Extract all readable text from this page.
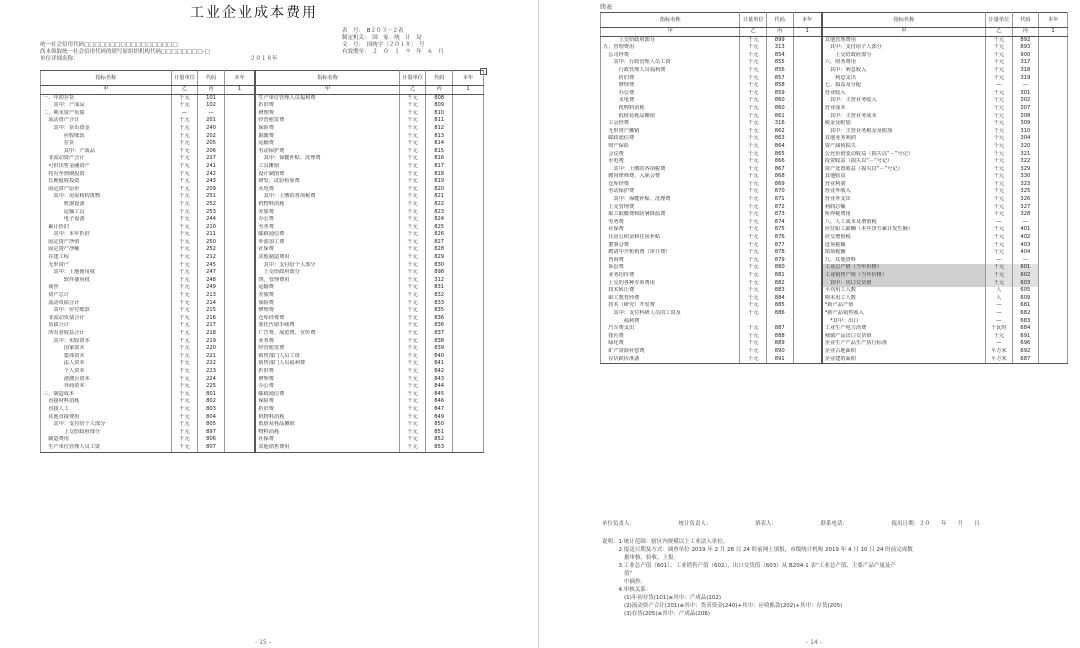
工业企业成本费用
统一社会信用代码□□□□□□□□□□□□□□□□□□
尚未领取统一社会信用代码的填写原组织机构代码□□□□□□□□-□
单位详细名称：
表　号：　B２０３－２表
制定机关：　国　家　统　计　局
文　号：　国统字〔２０１８〕　号
有效期至：　２　０　１　９　年　６　月
２０１８年
指标名称	计量单位	代码	本年	指标名称	计量单位	代码	本年
甲	乙	丙	1	甲	乙	丙	1
一、年初存货	千元	101		生产单位管理人员福利费	千元	808	
　　其中：产成品	千元	102		折旧费	千元	809	
二、期末资产负债	—	—		修理费	千元	810	
　流动资产合计	千元	201		经营租赁费	千元	811	
　　其中：货币资金	千元	240		保险费	千元	812	
　　　　应收账款	千元	202		取暖费	千元	813	
　　　　存货	千元	205		运输费	千元	814	
　　　　其中：产成品	千元	206		劳动保护费	千元	815	
　非流动资产合计	千元	227		　其中：保健补贴、洗理费	千元	816	
　可供出售金融资产	千元	241		工具摊销	千元	817	
　持有至到期投资	千元	242		设计制图费	千元	818	
　长期股权投资	千元	243		研发、试验检验费	千元	819	
　固定资产原价	千元	209		水电费	千元	820	
　　其中：房屋和构筑物	千元	251		　其中：上缴的各项税费	千元	821	
　　　　机器设备	千元	252		机物料消耗	千元	822	
　　　　运输工具	千元	253		差旅费	千元	823	
　　　　电子设备	千元	244		办公费	千元	824	
　累计折旧	千元	210		劳务费	千元	825	
　　其中：本年折旧	千元	211		邮政通信费	千元	826	
　固定资产净值	千元	250		外部加工费	千元	827	
　固定资产净额	千元	252		社保费	千元	828	
　在建工程	千元	212		其他制造费用	千元	829	
　无形资产	千元	245		　其中：支付给个人部分	千元	830	
　　其中：土地使用权	千元	247		　上交给政府部分	千元	898	
　　　　软件使用权	千元	248		四、管理费用	千元	312	
　商誉	千元	249		运输费	千元	831	
　资产总计	千元	213		差旅费	千元	832	
　流动负债合计	千元	214		保险费	千元	833	
　　其中：应付账款	千元	215		修理费	千元	835	
　非流动负债合计	千元	216		仓库经费费	千元	836	
　负债合计	千元	217		委托代销手续费	千元	836	
　所有者权益合计	千元	218		广告费、展览费、宣传费	千元	837	
　　其中：实收资本	千元	219		业务费	千元	838	
　　　　国家资本	千元	220		经营租赁费	千元	839	
　　　　集体资本	千元	221		销售部门人员工资	千元	840	
　　　　法人资本	千元	222		销售部门人员福利费	千元	841	
　　　　个人资本	千元	223		折旧费	千元	842	
　　　　港澳台资本	千元	224		修理费	千元	843	
　　　　外商资本	千元	225		办公费	千元	844	
三、制造成本	千元	801		邮政通信费	千元	845	
　直接材料消耗	千元	802		保险费	千元	846	
　直接人工	千元	803		折旧费	千元	847	
　其他直接费用	千元	804		机物料消耗	千元	849	
　　其中：支付给个人部分	千元	805		低值易耗品摊销	千元	850	
　　　　上交给政府部分	千元	897		物料消耗	千元	851	
　制造费用	千元	806		社保费	千元	852	
　生产单位管理人员工资	千元	807		其他销售费用	千元	853	
- 15 -
续表
指标名称	计量单位	代码	本年	指标名称	计量单位	代码	本年
甲	乙	丙	1	甲	乙	丙	1
　　　上交给政府部分	千元	899		其他管理费用	千元	892	
五、管理费用	千元	313		　其中：支付给个人部分	千元	893	
　公司经费	千元	854		　　上交给政府部分	千元	900	
　　其中：行政管理人员工资	千元	855		六、财务费用	千元	317	
　　　行政管理人员福利费	千元	856		　其中：利息收入	千元	318	
　　　折旧费	千元	857		　　利息支出	千元	319	
　　　修理费	千元	858		七、损益及分配	—	—	
　　　办公费	千元	859		营业收入	千元	301	
　　　水电费	千元	860		　其中：主营业务收入	千元	302	
　　　机物料消耗	千元	860		营业成本	千元	307	
　　　低值易耗品摊销	千元	861		　其中：主营业务成本	千元	308	
　工会经费	千元	316		税金及附加	千元	309	
　无形资产摊销	千元	862		　其中：主营业务税金及附加	千元	310	
　邮政通信费	千元	863		其他业务利润	千元	304	
　财产保险	千元	864		资产减值损失	千元	320	
　会议费	千元	865		公允价值变动收益（损失以“－”号记）	千元	321	
　水电费	千元	866		投资收益（损失以“－”号记）	千元	322	
　　其中：上缴的各项税费	千元	867		资产处置收益（损失以“－”号记）	千元	329	
　聘用律师费、入职会费	千元	868		其他收益	千元	330	
　仓库经费	千元	869		营业利润	千元	323	
　劳动保护费	千元	870		营业外收入	千元	325	
　　其中：保健补贴、洗理费	千元	871		营业外支出	千元	326	
　上交管理费	千元	872		利润总额	千元	327	
　职工取暖费和防暑降温费	千元	873		所得税费用	千元	328	
　劳务费	千元	874		八、人工成本及增值税	—	—	
　社保费	千元	875		应付职工薪酬（本年贷方累计发生额）	千元	401	
　住房公积金和住房补贴	千元	876		应交增值税	千元	402	
　董事会费	千元	877		进项税额	千元	403	
　聘请中介机构费（审计费）	千元	878		销项税额	千元	404	
　咨询费	千元	879		九、其他资料	—	—	
　诉讼费	千元	880		工业总产值（当年价格）	千元	601	
　业务招待费	千元	881		工业销售产值（当年价格）	千元	602	
　上交的各种专项费用	千元	882		　其中：出口交货值	千元	603	
　技术转让费	千元	883		平均用工人数	人	605	
　职工教育经费	千元	884		期末用工人数	人	609	
　技术（研究）开发费	千元	885		*新产品产值	—	681	
　　其中：支付科研人员的工资及	千元	886		*新产品销售收入	—	682	
　　　　福利费				　*其中：出口	—	683	
　汽车费支出	千元	887		工业生产电力消费	千瓦时	684	
　排污费	千元	888		城镇产品出口交货值	千元	691	
　绿化费	千元	889		企业生产产品生产执行标准	—	696	
　矿产资源补偿费	千元	890		企业占地面积	平方米	692	
　存货跌价准备	千元	891		企业建筑面积	平方米	687	
单位负责人：	统计负责人：	填表人：	联系电话：	报出日期：２０　　年　　月　　日
说明：1.统计范围：辖区内规模以上工业法人单位。
　　　2.报送日期及方式：调查单位 2019 年 2 月 28 日 24 时前网上填报，市级统计机构 2019 年 4 月 10 日 24 时前完成数
　　　　据审核、验收、上报。
　　　3.工业总产值（601）、工业销售产值（602）、出口交货值（603）从 B204-1 表“工业总产值、主要产品产量及产
　　　　值”
　　　　中摘抄。
　　　4.审核关系：
　　　　(1)年初存货(101)≥其中：产成品(102)
　　　　(2)流动资产合计(201)≥其中：货币资金(240)+其中：应收账款(202)+其中：存货(205)
　　　　(3)存货(205)≥其中：产成品(206)
- 14 -
